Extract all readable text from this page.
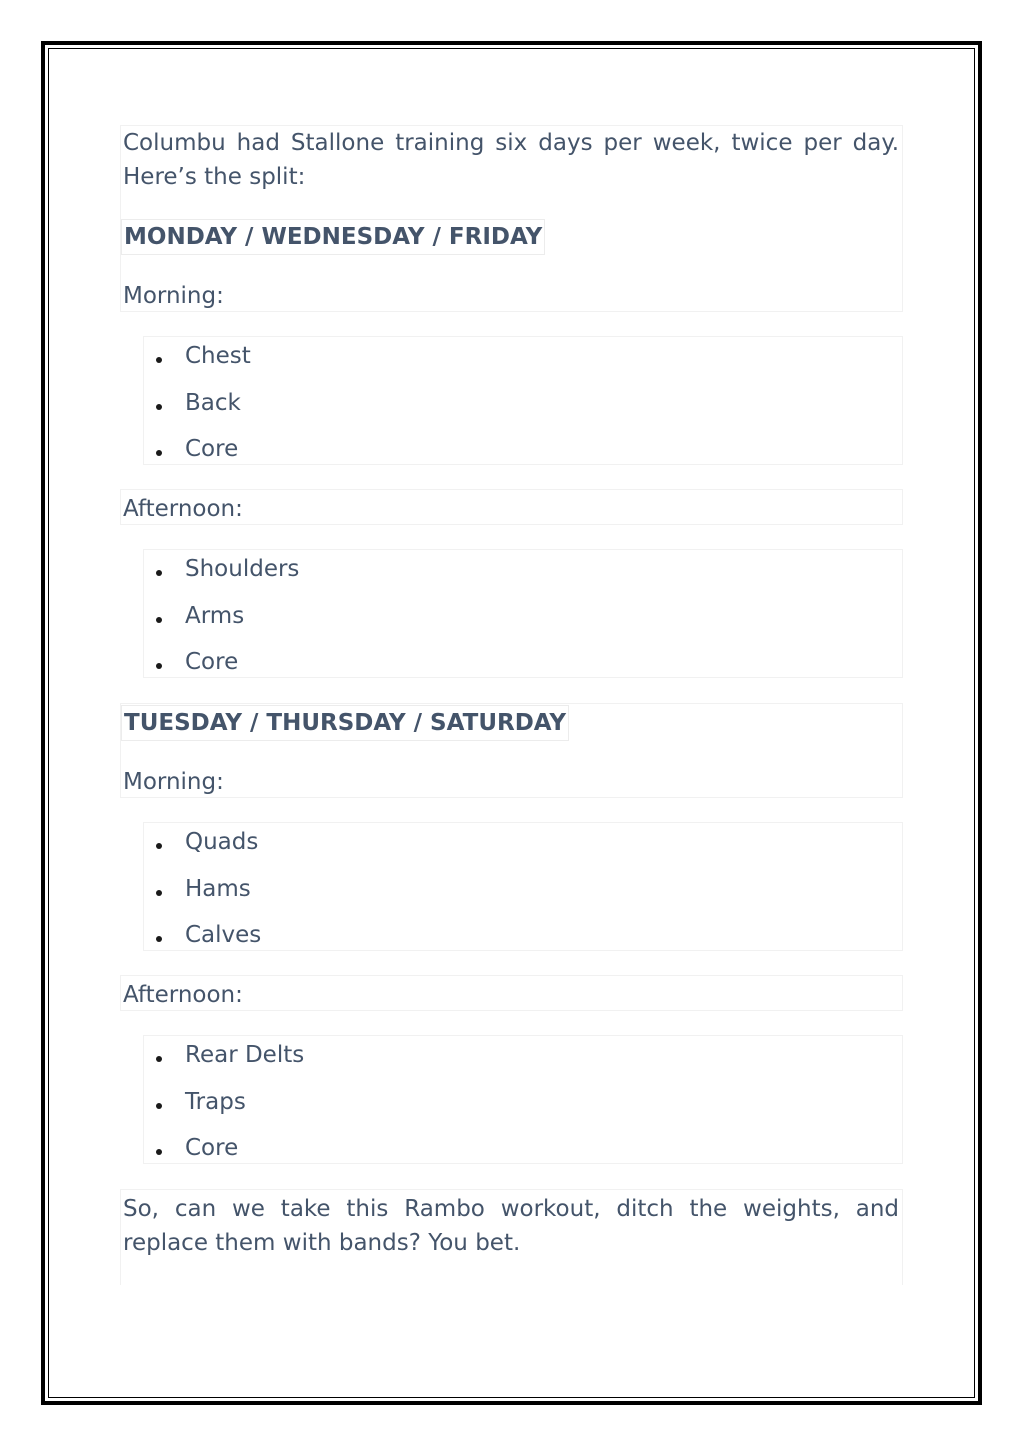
Columbu had Stallone training six days per week, twice per day. Here’s the split:
MONDAY / WEDNESDAY / FRIDAY
Morning:
Chest
Back
Core
Afternoon:
Shoulders
Arms
Core
TUESDAY / THURSDAY / SATURDAY
Morning:
Quads
Hams
Calves
Afternoon:
Rear Delts
Traps
Core
So, can we take this Rambo workout, ditch the weights, and replace them with bands? You bet.
